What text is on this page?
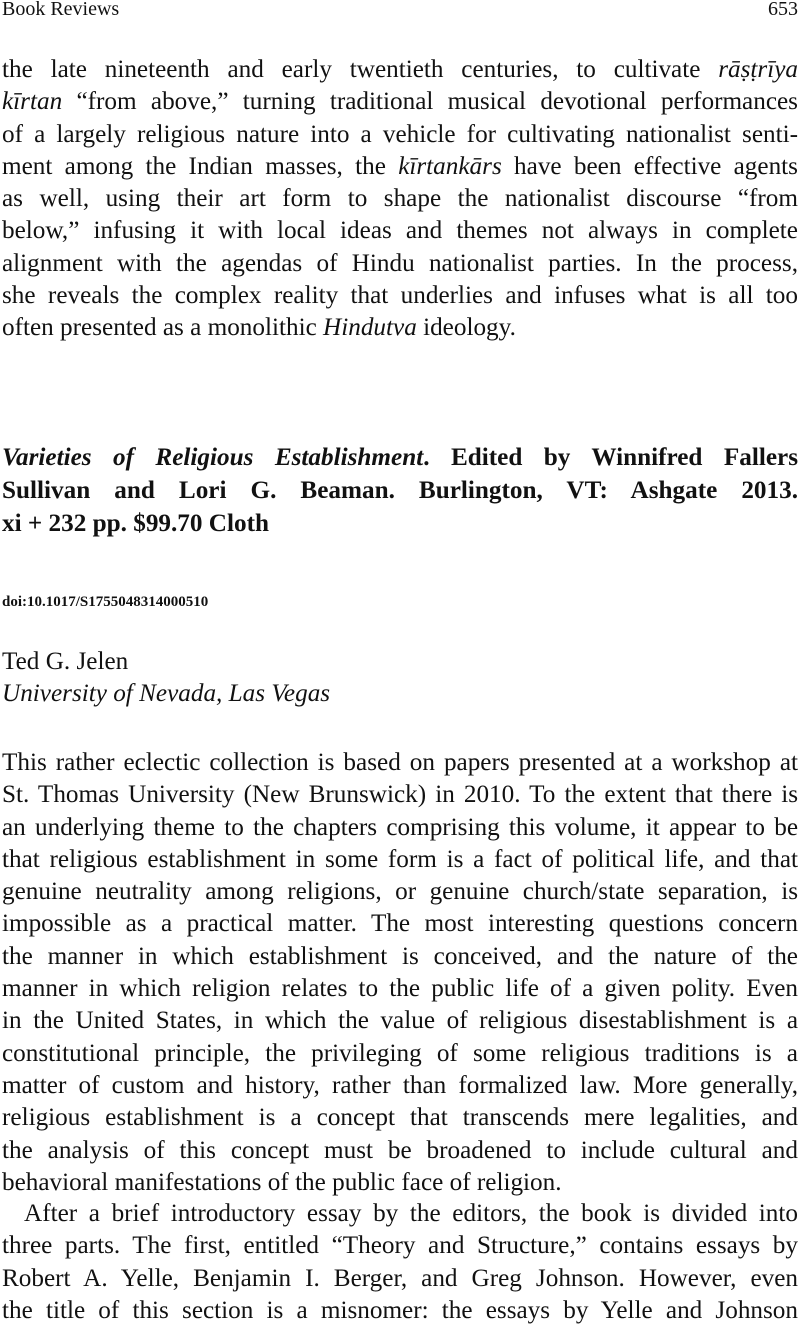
Book Reviews	653
the late nineteenth and early twentieth centuries, to cultivate rāṣṭrīya
kīrtan “from above,” turning traditional musical devotional performances
of a largely religious nature into a vehicle for cultivating nationalist senti-
ment among the Indian masses, the kīrtankārs have been effective agents
as well, using their art form to shape the nationalist discourse “from
below,” infusing it with local ideas and themes not always in complete
alignment with the agendas of Hindu nationalist parties. In the process,
she reveals the complex reality that underlies and infuses what is all too
often presented as a monolithic Hindutva ideology.
Varieties of Religious Establishment. Edited by Winnifred Fallers
Sullivan and Lori G. Beaman. Burlington, VT: Ashgate 2013.
xi + 232 pp. $99.70 Cloth
doi:10.1017/S1755048314000510
Ted G. Jelen
University of Nevada, Las Vegas
This rather eclectic collection is based on papers presented at a workshop at
St. Thomas University (New Brunswick) in 2010. To the extent that there is
an underlying theme to the chapters comprising this volume, it appear to be
that religious establishment in some form is a fact of political life, and that
genuine neutrality among religions, or genuine church/state separation, is
impossible as a practical matter. The most interesting questions concern
the manner in which establishment is conceived, and the nature of the
manner in which religion relates to the public life of a given polity. Even
in the United States, in which the value of religious disestablishment is a
constitutional principle, the privileging of some religious traditions is a
matter of custom and history, rather than formalized law. More generally,
religious establishment is a concept that transcends mere legalities, and
the analysis of this concept must be broadened to include cultural and
behavioral manifestations of the public face of religion.
After a brief introductory essay by the editors, the book is divided into
three parts. The first, entitled “Theory and Structure,” contains essays by
Robert A. Yelle, Benjamin I. Berger, and Greg Johnson. However, even
the title of this section is a misnomer: the essays by Yelle and Johnson
